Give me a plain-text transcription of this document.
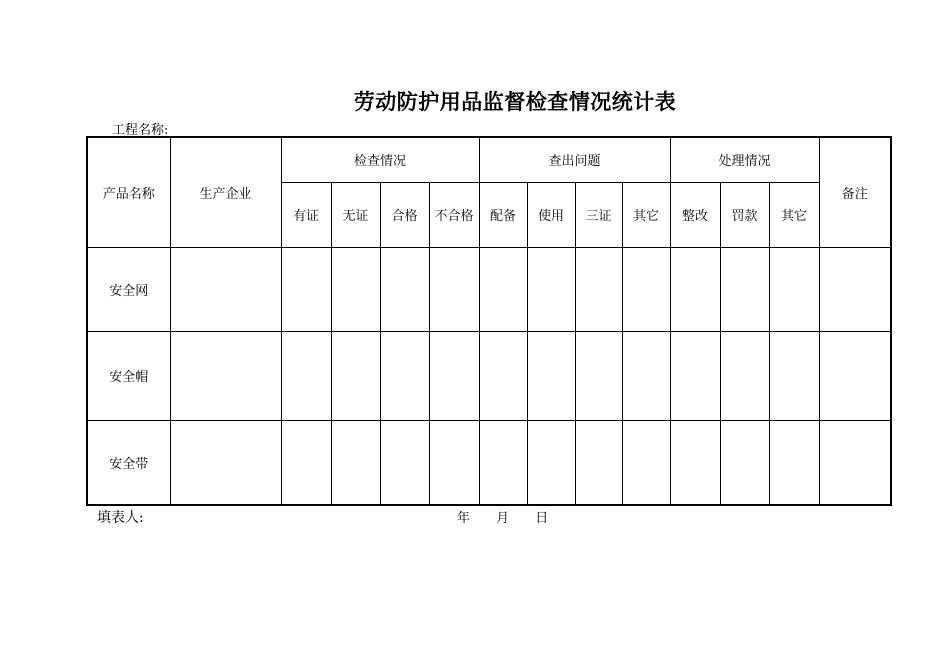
劳动防护用品监督检查情况统计表
工程名称:
产品名称	生产企业	检查情况				查出问题				处理情况			备注
		有证	无证	合格	不合格	配备	使用	三证	其它	整改	罚款	其它	
安全网													
安全帽													
安全带													
填表人:	年 月 日
